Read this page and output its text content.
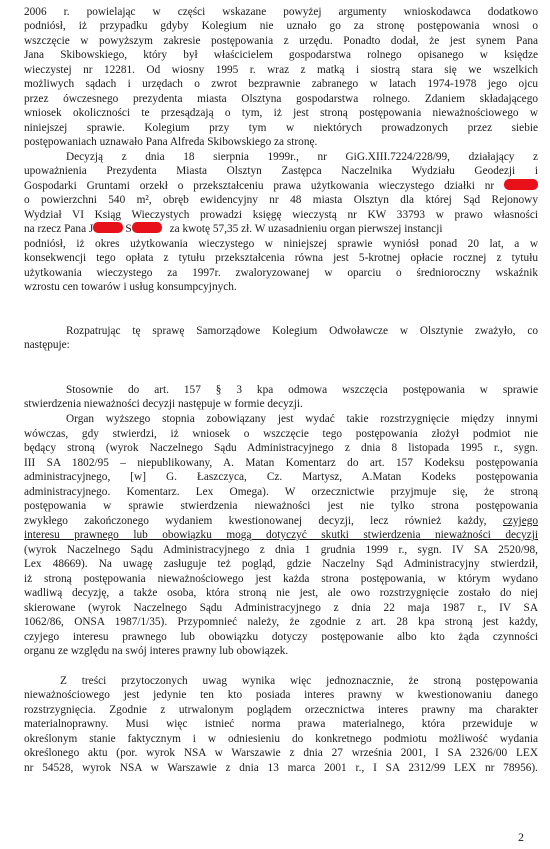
2006 r. powielając w części wskazane powyżej argumenty wnioskodawca dodatkowo
podniósł, iż przypadku gdyby Kolegium nie uznało go za stronę postępowania wnosi o
wszczęcie w powyższym zakresie postępowania z urzędu. Ponadto dodał, że jest synem Pana
Jana Skibowskiego, który był właścicielem gospodarstwa rolnego opisanego w księdze
wieczystej nr 12281. Od wiosny 1995 r. wraz z matką i siostrą stara się we wszelkich
możliwych sądach i urzędach o zwrot bezprawnie zabranego w latach 1974-1978 jego ojcu
przez ówczesnego prezydenta miasta Olsztyna gospodarstwa rolnego. Zdaniem składającego
wniosek okoliczności te przesądzają o tym, iż jest stroną postępowania nieważnościowego w
niniejszej sprawie. Kolegium przy tym w niektórych prowadzonych przez siebie
postępowaniach uznawało Pana Alfreda Skibowskiego za stronę.
Decyzją z dnia 18 sierpnia 1999r., nr GiG.XIII.7224/228/99, działający z
upoważnienia Prezydenta Miasta Olsztyn Zastępca Naczelnika Wydziału Geodezji i
Gospodarki Gruntami orzekł o przekształceniu prawa użytkowania wieczystego działki nr
o powierzchni 540 m², obręb ewidencyjny nr 48 miasta Olsztyn dla której Sąd Rejonowy
Wydział VI Ksiąg Wieczystych prowadzi księgę wieczystą nr KW 33793 w prawo własności
na rzecz Pana J	S	za kwotę 57,35 zł. W uzasadnieniu organ pierwszej instancji
podniósł, iż okres użytkowania wieczystego w niniejszej sprawie wyniósł ponad 20 lat, a w
konsekwencji tego opłata z tytułu przekształcenia równa jest 5-krotnej opłacie rocznej z tytułu
użytkowania wieczystego za 1997r. zwaloryzowanej w oparciu o średnioroczny wskaźnik
wzrostu cen towarów i usług konsumpcyjnych.
Rozpatrując tę sprawę Samorządowe Kolegium Odwoławcze w Olsztynie zważyło, co
następuje:
Stosownie do art. 157 § 3 kpa odmowa wszczęcia postępowania w sprawie
stwierdzenia nieważności decyzji następuje w formie decyzji.
Organ wyższego stopnia zobowiązany jest wydać takie rozstrzygnięcie między innymi
wówczas, gdy stwierdzi, iż wniosek o wszczęcie tego postępowania złożył podmiot nie
będący stroną (wyrok Naczelnego Sądu Administracyjnego z dnia 8 listopada 1995 r., sygn.
III SA 1802/95 – niepublikowany, A. Matan Komentarz do art. 157 Kodeksu postępowania
administracyjnego, [w] G. Łaszczyca, Cz. Martysz, A.Matan Kodeks postępowania
administracyjnego. Komentarz. Lex Omega). W orzecznictwie przyjmuje się, że stroną
postępowania w sprawie stwierdzenia nieważności jest nie tylko strona postępowania
zwykłego zakończonego wydaniem kwestionowanej decyzji, lecz również każdy, czyjego
interesu prawnego lub obowiązku mogą dotyczyć skutki stwierdzenia nieważności decyzji
(wyrok Naczelnego Sądu Administracyjnego z dnia 1 grudnia 1999 r., sygn. IV SA 2520/98,
Lex 48669). Na uwagę zasługuje też pogląd, gdzie Naczelny Sąd Administracyjny stwierdził,
iż stroną postępowania nieważnościowego jest każda strona postępowania, w którym wydano
wadliwą decyzję, a także osoba, która stroną nie jest, ale owo rozstrzygnięcie zostało do niej
skierowane (wyrok Naczelnego Sądu Administracyjnego z dnia 22 maja 1987 r., IV SA
1062/86, ONSA 1987/1/35). Przypomnieć należy, że zgodnie z art. 28 kpa stroną jest każdy,
czyjego interesu prawnego lub obowiązku dotyczy postępowanie albo kto żąda czynności
organu ze względu na swój interes prawny lub obowiązek.
Z treści przytoczonych uwag wynika więc jednoznacznie, że stroną postępowania
nieważnościowego jest jedynie ten kto posiada interes prawny w kwestionowaniu danego
rozstrzygnięcia. Zgodnie z utrwalonym poglądem orzecznictwa interes prawny ma charakter
materialnoprawny. Musi więc istnieć norma prawa materialnego, która przewiduje w
określonym stanie faktycznym i w odniesieniu do konkretnego podmiotu możliwość wydania
określonego aktu (por. wyrok NSA w Warszawie z dnia 27 września 2001, I SA 2326/00 LEX
nr 54528, wyrok NSA w Warszawie z dnia 13 marca 2001 r., I SA 2312/99 LEX nr 78956).
2
